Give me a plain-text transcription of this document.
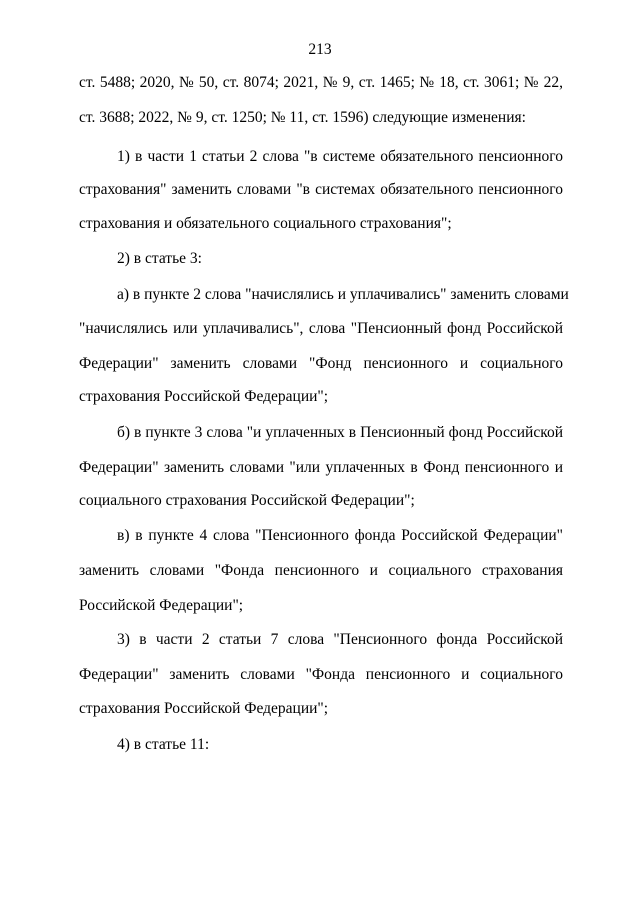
213
ст. 5488; 2020, № 50, ст. 8074; 2021, № 9, ст. 1465; № 18, ст. 3061; № 22,
ст. 3688; 2022, № 9, ст. 1250; № 11, ст. 1596) следующие изменения:
1) в части 1 статьи 2 слова "в системе обязательного пенсионного
страхования" заменить словами "в системах обязательного пенсионного
страхования и обязательного социального страхования";
2) в статье 3:
а) в пункте 2 слова "начислялись и уплачивались" заменить словами
"начислялись или уплачивались", слова "Пенсионный фонд Российской
Федерации" заменить словами "Фонд пенсионного и социального
страхования Российской Федерации";
б) в пункте 3 слова "и уплаченных в Пенсионный фонд Российской
Федерации" заменить словами "или уплаченных в Фонд пенсионного и
социального страхования Российской Федерации";
в) в пункте 4 слова "Пенсионного фонда Российской Федерации"
заменить словами "Фонда пенсионного и социального страхования
Российской Федерации";
3) в части 2 статьи 7 слова "Пенсионного фонда Российской
Федерации" заменить словами "Фонда пенсионного и социального
страхования Российской Федерации";
4) в статье 11:
